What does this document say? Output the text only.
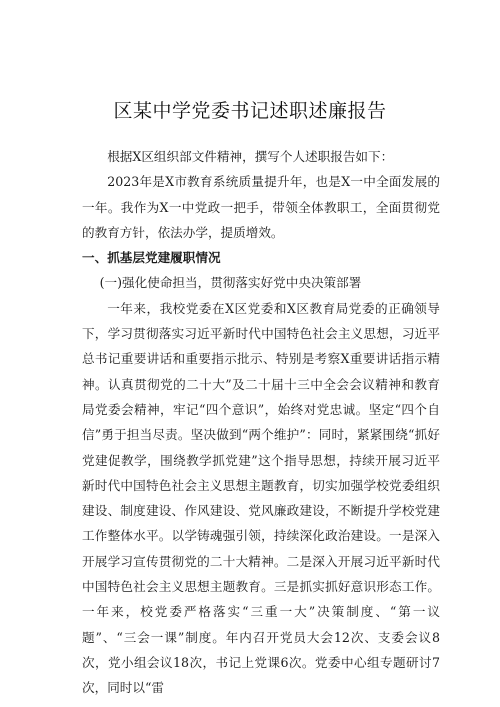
区某中学党委书记述职述廉报告

根据X区组织部文件精神，撰写个人述职报告如下：

2023年是X市教育系统质量提升年，也是X一中全面发展的一年。我作为X一中党政一把手，带领全体教职工，全面贯彻党的教育方针，依法办学，提质增效。

一、抓基层党建履职情况

(一)强化使命担当，贯彻落实好党中央决策部署

一年来，我校党委在X区党委和X区教育局党委的正确领导下，学习贯彻落实习近平新时代中国特色社会主义思想，习近平总书记重要讲话和重要指示批示、特别是考察X重要讲话指示精神。认真贯彻党的二十大”及二十届十三中全会会议精神和教育局党委会精神，牢记“四个意识”，始终对党忠诚。坚定“四个自信”勇于担当尽责。坚决做到“两个维护”：同时，紧紧围绕“抓好党建促教学，围绕教学抓党建”这个指导思想，持续开展习近平新时代中国特色社会主义思想主题教育，切实加强学校党委组织建设、制度建设、作风建设、党风廉政建设，不断提升学校党建工作整体水平。以学铸魂强引领，持续深化政治建设。一是深入开展学习宣传贯彻党的二十大精神。二是深入开展习近平新时代中国特色社会主义思想主题教育。三是抓实抓好意识形态工作。一年来，校党委严格落实“三重一大”决策制度、“第一议题”、“三会一课”制度。年内召开党员大会12次、支委会议8次，党小组会议18次，书记上党课6次。党委中心组专题研讨7次，同时以“雷
